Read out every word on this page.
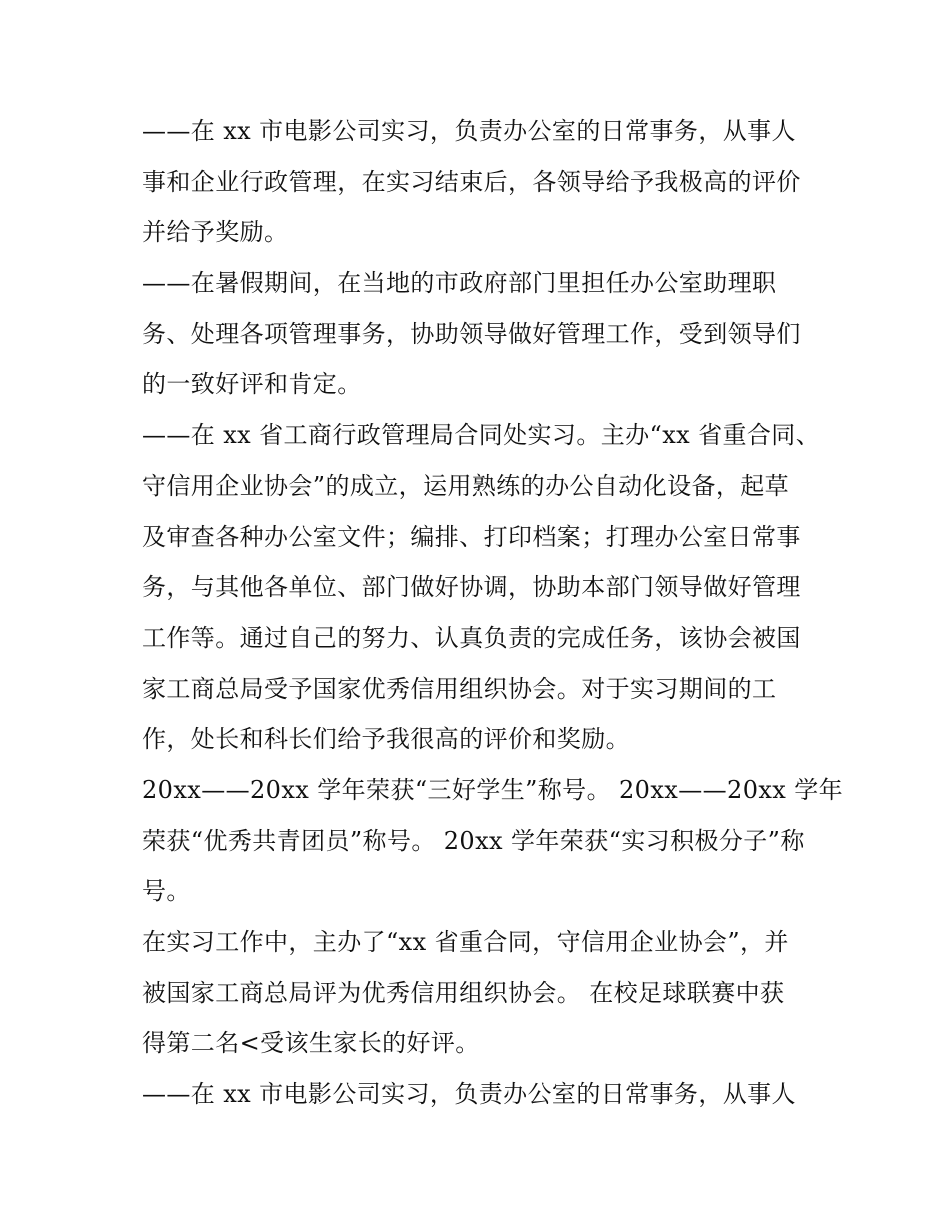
——在 xx 市电影公司实习，负责办公室的日常事务，从事人
事和企业行政管理，在实习结束后，各领导给予我极高的评价
并给予奖励。
——在暑假期间，在当地的市政府部门里担任办公室助理职
务、处理各项管理事务，协助领导做好管理工作，受到领导们
的一致好评和肯定。
——在 xx 省工商行政管理局合同处实习。主办“xx 省重合同、
守信用企业协会”的成立，运用熟练的办公自动化设备，起草
及审查各种办公室文件；编排、打印档案；打理办公室日常事
务，与其他各单位、部门做好协调，协助本部门领导做好管理
工作等。通过自己的努力、认真负责的完成任务，该协会被国
家工商总局受予国家优秀信用组织协会。对于实习期间的工
作，处长和科长们给予我很高的评价和奖励。
20xx——20xx 学年荣获“三好学生”称号。 20xx——20xx 学年
荣获“优秀共青团员”称号。 20xx 学年荣获“实习积极分子”称
号。
在实习工作中，主办了“xx 省重合同，守信用企业协会”，并
被国家工商总局评为优秀信用组织协会。 在校足球联赛中获
得第二名<受该生家长的好评。
——在 xx 市电影公司实习，负责办公室的日常事务，从事人
